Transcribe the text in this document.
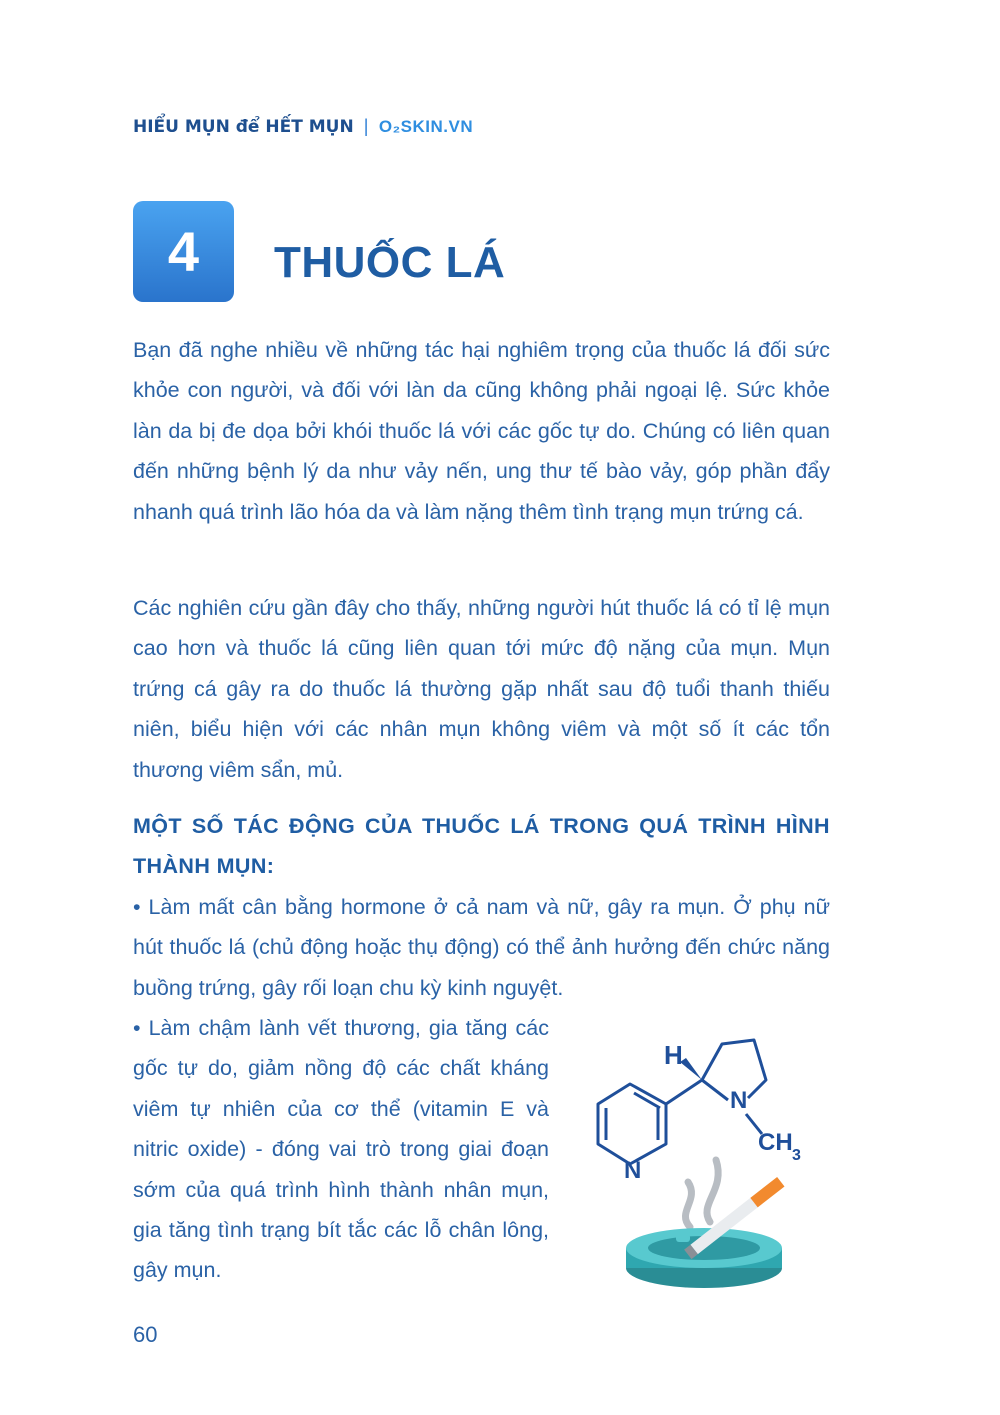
HIỂU MỤN để HẾT MỤN | O₂SKIN.VN
4	THUỐC LÁ

Bạn đã nghe nhiều về những tác hại nghiêm trọng của thuốc lá đối sức khỏe con người, và đối với làn da cũng không phải ngoại lệ. Sức khỏe làn da bị đe dọa bởi khói thuốc lá với các gốc tự do. Chúng có liên quan đến những bệnh lý da như vảy nến, ung thư tế bào vảy, góp phần đẩy nhanh quá trình lão hóa da và làm nặng thêm tình trạng mụn trứng cá.

Các nghiên cứu gần đây cho thấy, những người hút thuốc lá có tỉ lệ mụn cao hơn và thuốc lá cũng liên quan tới mức độ nặng của mụn. Mụn trứng cá gây ra do thuốc lá thường gặp nhất sau độ tuổi thanh thiếu niên, biểu hiện với các nhân mụn không viêm và một số ít các tổn thương viêm sẩn, mủ.

MỘT SỐ TÁC ĐỘNG CỦA THUỐC LÁ TRONG QUÁ TRÌNH HÌNH THÀNH MỤN:

• Làm mất cân bằng hormone ở cả nam và nữ, gây ra mụn. Ở phụ nữ hút thuốc lá (chủ động hoặc thụ động) có thể ảnh hưởng đến chức năng buồng trứng, gây rối loạn chu kỳ kinh nguyệt.

• Làm chậm lành vết thương, gia tăng các gốc tự do, giảm nồng độ các chất kháng viêm tự nhiên của cơ thể (vitamin E và nitric oxide) - đóng vai trò trong giai đoạn sớm của quá trình hình thành nhân mụn, gia tăng tình trạng bít tắc các lỗ chân lông, gây mụn.

H
N
N
CH 3
60
